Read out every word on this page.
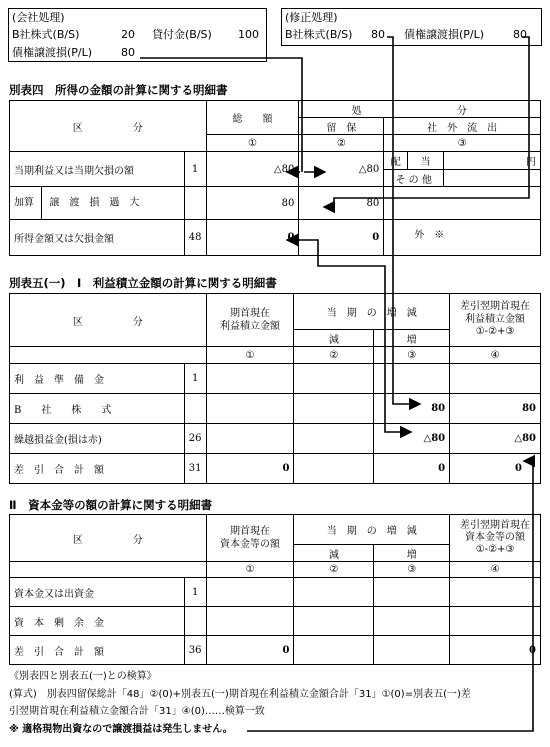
(会社処理)
B社株式(B/S)	20 貸付金(B/S) 100
債権譲渡損(P/L)	80
(修正処理)
B社株式(B/S) 80 債権譲渡損(P/L)	80
別表四　所得の金額の計算に関する明細書
区　　　　　分		総　　額	処	分		
			留　保	社　外　流　出		
		①	②	③		
当期利益又は当期欠損の額	1	△80	△80	配	当	円
				そ の 他		
加算 譲　渡　損　過　大		80	80			
所得金額又は欠損金額	48	0	0	外　※		
別表五(一)　Ⅰ　利益積立金額の計算に関する明細書
区　　　　　分		期首現在
利益積立金額	当　期　の　増　減		差引翌期首現在
利益積立金額
①-②+③
			減	増	
		①	②	③	④
利　益　準　備　金	1				
B　　社　　株　　式				80	80
繰越損益金(損は赤)	26			△80	△80
差　引　合　計　額	31	0		0	0
Ⅱ　資本金等の額の計算に関する明細書
区　　　　　分		期首現在
資本金等の額	当　期　の　増　減		差引翌期首現在
資本金等の額
①-②+③
			減	増	
		①	②	③	④
資本金又は出資金	1				
資　本　剰　余　金					
差　引　合　計　額	36	0			0
《別表四と別表五(一)との検算》
(算式)　別表四留保総計「48」②(0)+別表五(一)期首現在利益積立金額合計「31」①(0)=別表五(一)差
引翌期首現在利益積立金額合計「31」④(0)……検算一致
※ 適格現物出資なので譲渡損益は発生しません。
